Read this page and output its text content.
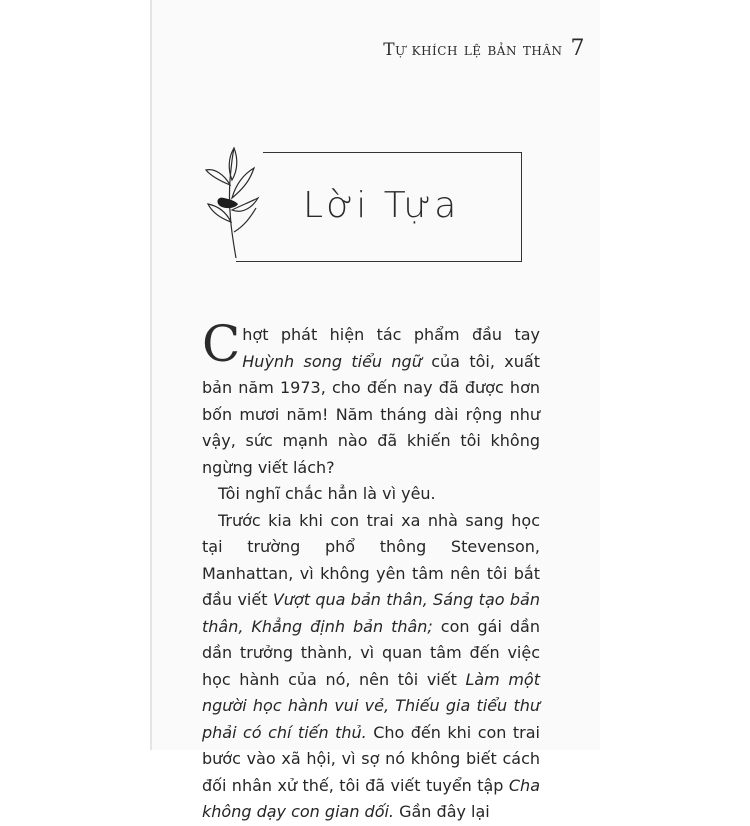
Tự khích lệ bản thân 7
Lời Tựa

Chợt phát hiện tác phẩm đầu tay Huỳnh song tiểu ngữ của tôi, xuất bản năm 1973, cho đến nay đã được hơn bốn mươi năm! Năm tháng dài rộng như vậy, sức mạnh nào đã khiến tôi không ngừng viết lách?

Tôi nghĩ chắc hẳn là vì yêu.

Trước kia khi con trai xa nhà sang học tại trường phổ thông Stevenson, Manhattan, vì không yên tâm nên tôi bắt đầu viết Vượt qua bản thân, Sáng tạo bản thân, Khẳng định bản thân; con gái dần dần trưởng thành, vì quan tâm đến việc học hành của nó, nên tôi viết Làm một người học hành vui vẻ, Thiếu gia tiểu thư phải có chí tiến thủ. Cho đến khi con trai bước vào xã hội, vì sợ nó không biết cách đối nhân xử thế, tôi đã viết tuyển tập Cha không dạy con gian dối. Gần đây lại
